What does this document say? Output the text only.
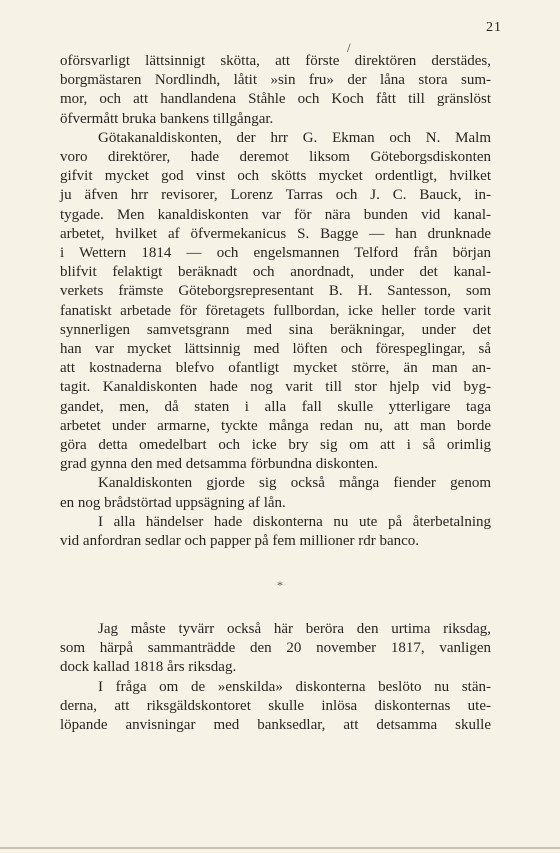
21
/
oförsvarligt lättsinnigt skötta, att förste direktören derstädes,
borgmästaren Nordlindh, låtit »sin fru» der låna stora sum-
mor, och att handlandena Ståhle och Koch fått till gränslöst
öfvermått bruka bankens tillgångar.
Götakanaldiskonten, der hrr G. Ekman och N. Malm
voro direktörer, hade deremot liksom Göteborgsdiskonten
gifvit mycket god vinst och skötts mycket ordentligt, hvilket
ju äfven hrr revisorer, Lorenz Tarras och J. C. Bauck, in-
tygade. Men kanaldiskonten var för nära bunden vid kanal-
arbetet, hvilket af öfvermekanicus S. Bagge — han drunknade
i Wettern 1814 — och engelsmannen Telford från början
blifvit felaktigt beräknadt och anordnadt, under det kanal-
verkets främste Göteborgsrepresentant B. H. Santesson, som
fanatiskt arbetade för företagets fullbordan, icke heller torde varit
synnerligen samvetsgrann med sina beräkningar, under det
han var mycket lättsinnig med löften och förespeglingar, så
att kostnaderna blefvo ofantligt mycket större, än man an-
tagit. Kanaldiskonten hade nog varit till stor hjelp vid byg-
gandet, men, då staten i alla fall skulle ytterligare taga
arbetet under armarne, tyckte många redan nu, att man borde
göra detta omedelbart och icke bry sig om att i så orimlig
grad gynna den med detsamma förbundna diskonten.
Kanaldiskonten gjorde sig också många fiender genom
en nog brådstörtad uppsägning af lån.
I alla händelser hade diskonterna nu ute på återbetalning
vid anfordran sedlar och papper på fem millioner rdr banco.
*
Jag måste tyvärr också här beröra den urtima riksdag,
som härpå sammanträdde den 20 november 1817, vanligen
dock kallad 1818 års riksdag.
I fråga om de »enskilda» diskonterna beslöto nu stän-
derna, att riksgäldskontoret skulle inlösa diskonternas ute-
löpande anvisningar med banksedlar, att detsamma skulle
